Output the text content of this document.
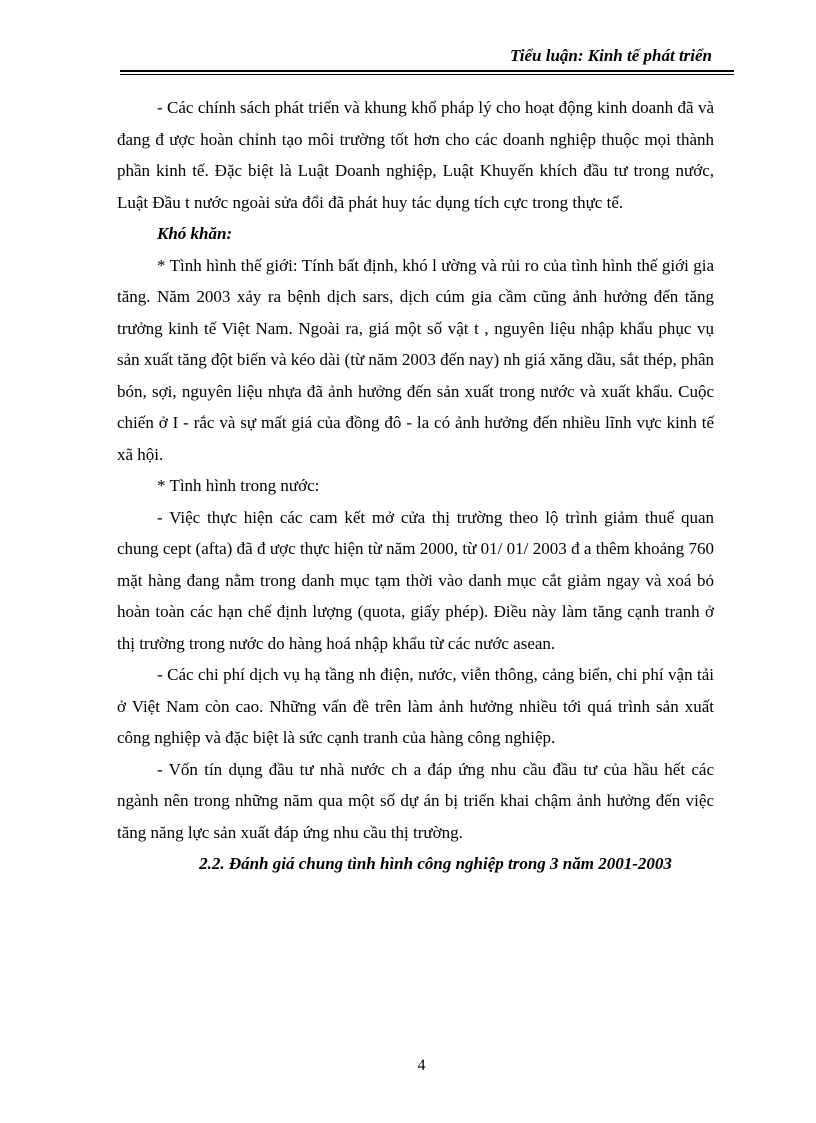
Tiểu luận: Kinh tế phát triển

- Các chính sách phát triển và khung khổ pháp lý cho hoạt động kinh doanh đã và đang đ ược hoàn chỉnh tạo môi trường tốt hơn cho các doanh nghiệp thuộc mọi thành phần kinh tế. Đặc biệt là Luật Doanh nghiệp, Luật Khuyến khích đầu tư trong nước, Luật Đầu t nước ngoài sửa đổi đã phát huy tác dụng tích cực trong thực tế.

Khó khăn:

* Tình hình thế giới: Tính bất định, khó l ường và rủi ro của tình hình thế giới gia tăng. Năm 2003 xảy ra bệnh dịch sars, dịch cúm gia cầm cũng ảnh hưởng đến tăng trưởng kinh tế Việt Nam. Ngoài ra, giá một số vật t , nguyên liệu nhập khẩu phục vụ sản xuất tăng đột biến và kéo dài (từ năm 2003 đến nay) nh giá xăng dầu, sắt thép, phân bón, sợi, nguyên liệu nhựa đã ảnh hưởng đến sản xuất trong nước và xuất khẩu. Cuộc chiến ở I - rắc và sự mất giá của đồng đô - la có ảnh hưởng đến nhiều lĩnh vực kinh tế xã hội.

* Tình hình trong nước:

- Việc thực hiện các cam kết mở cửa thị trường theo lộ trình giảm thuế quan chung cept (afta) đã đ ược thực hiện từ năm 2000, từ 01/ 01/ 2003 đ a thêm khoảng 760 mặt hàng đang nằm trong danh mục tạm thời vào danh mục cắt giảm ngay và xoá bỏ hoàn toàn các hạn chế định lượng (quota, giấy phép). Điều này làm tăng cạnh tranh ở thị trường trong nước do hàng hoá nhập khẩu từ các nước asean.

- Các chi phí dịch vụ hạ tầng nh điện, nước, viễn thông, cảng biển, chi phí vận tải ở Việt Nam còn cao. Những vấn đề trên làm ảnh hưởng nhiều tới quá trình sản xuất công nghiệp và đặc biệt là sức cạnh tranh của hàng công nghiệp.

- Vốn tín dụng đầu tư nhà nước ch a đáp ứng nhu cầu đầu tư của hầu hết các ngành nên trong những năm qua một số dự án bị triển khai chậm ảnh hưởng đến việc tăng năng lực sản xuất đáp ứng nhu cầu thị trường.

2.2. Đánh giá chung tình hình công nghiệp trong 3 năm 2001-2003

4
